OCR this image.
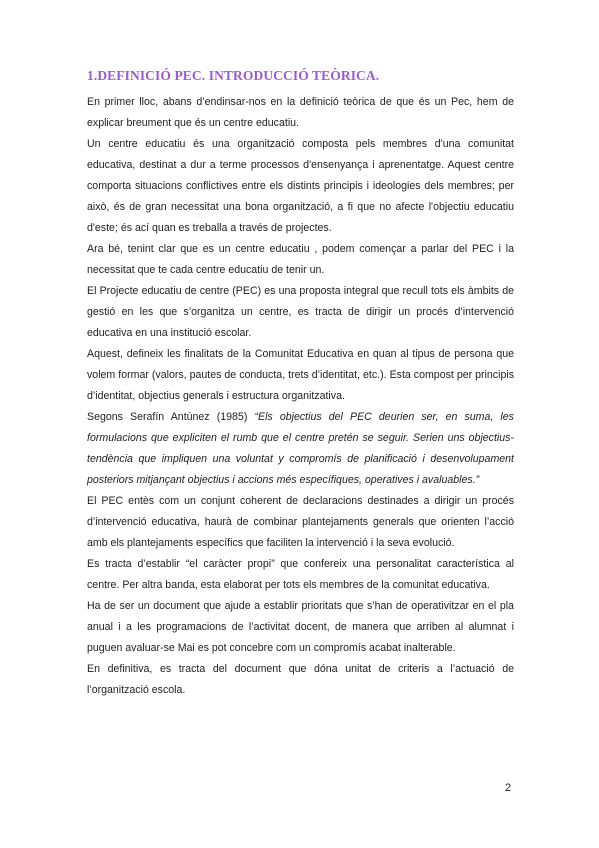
1.DEFINICIÓ PEC. INTRODUCCIÓ TEÒRICA.

En primer lloc, abans d’endinsar-nos en la definició teòrica de que és un Pec, hem de explicar breument que és un centre educatiu.

Un centre educatiu és una organització composta pels membres d'una comunitat educativa, destinat a dur a terme processos d'ensenyança i aprenentatge. Aquest centre comporta situacions conflictives entre els distints principis i ideologies dels membres; per això, és de gran necessitat una bona organització, a fi que no afecte l'objectiu educatiu d'este; és ací quan es treballa a través de projectes.

Ara bé, tenint clar que es un centre educatiu , podem començar a parlar del PEC i la necessitat que te cada centre educatiu de tenir un.

El Projecte educatiu de centre (PEC) es una proposta integral que recull tots els àmbits de gestió en les que s’organitza un centre, es tracta de dirigir un procés d’intervenció educativa en una institució escolar.

Aquest, defineix les finalitats de la Comunitat Educativa en quan al tipus de persona que volem formar (valors, pautes de conducta, trets d’identitat, etc.). Esta compost per principis d’identitat, objectius generals i estructura organitzativa.

Segons Serafín Antúnez (1985) “Els objectius del PEC deurien ser, en suma, les formulacions que expliciten el rumb que el centre pretén se seguir. Serien uns objectius-tendència que impliquen una voluntat y compromís de planificació i desenvolupament posteriors mitjançant objectius i accions més específiques, operatives i avaluables.”

El PEC entès com un conjunt coherent de declaracions destinades a dirigir un procés d’intervenció educativa, haurà de combinar plantejaments generals que orienten l’acció amb els plantejaments específics que faciliten la intervenció i la seva evolució.

Es tracta d’establir “el caràcter propi” que confereix una personalitat característica al centre. Per altra banda, esta elaborat per tots els membres de la comunitat educativa.

Ha de ser un document que ajude a establir prioritats que s’han de operativitzar en el pla anual i a les programacions de l’activitat docent, de manera que arriben al alumnat i puguen avaluar-se Mai es pot concebre com un compromís acabat inalterable.

En definitiva, es tracta del document que dóna unitat de criteris a l’actuació de l’organització escola.

2
